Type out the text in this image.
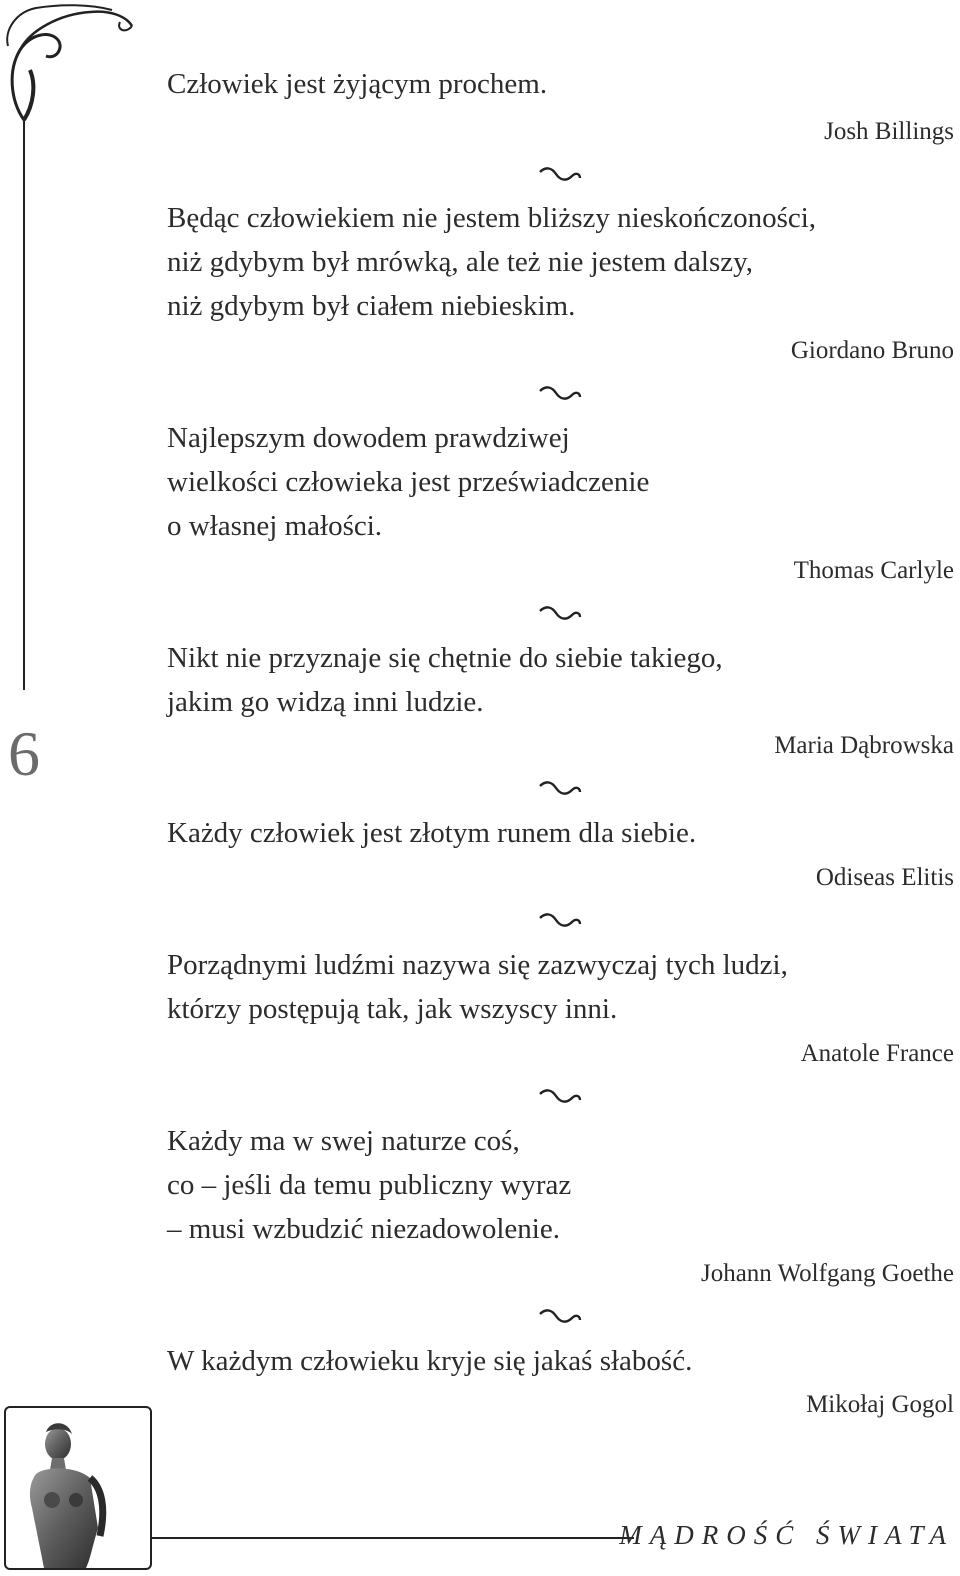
6
Człowiek jest żyjącym prochem.
Josh Billings
Będąc człowiekiem nie jestem bliższy nieskończoności,
niż gdybym był mrówką, ale też nie jestem dalszy,
niż gdybym był ciałem niebieskim.
Giordano Bruno
Najlepszym dowodem prawdziwej
wielkości człowieka jest przeświadczenie
o własnej małości.
Thomas Carlyle
Nikt nie przyznaje się chętnie do siebie takiego,
jakim go widzą inni ludzie.
Maria Dąbrowska
Każdy człowiek jest złotym runem dla siebie.
Odiseas Elitis
Porządnymi ludźmi nazywa się zazwyczaj tych ludzi,
którzy postępują tak, jak wszyscy inni.
Anatole France
Każdy ma w swej naturze coś,
co – jeśli da temu publiczny wyraz
– musi wzbudzić niezadowolenie.
Johann Wolfgang Goethe
W każdym człowieku kryje się jakaś słabość.
Mikołaj Gogol
MĄDROŚĆ ŚWIATA
